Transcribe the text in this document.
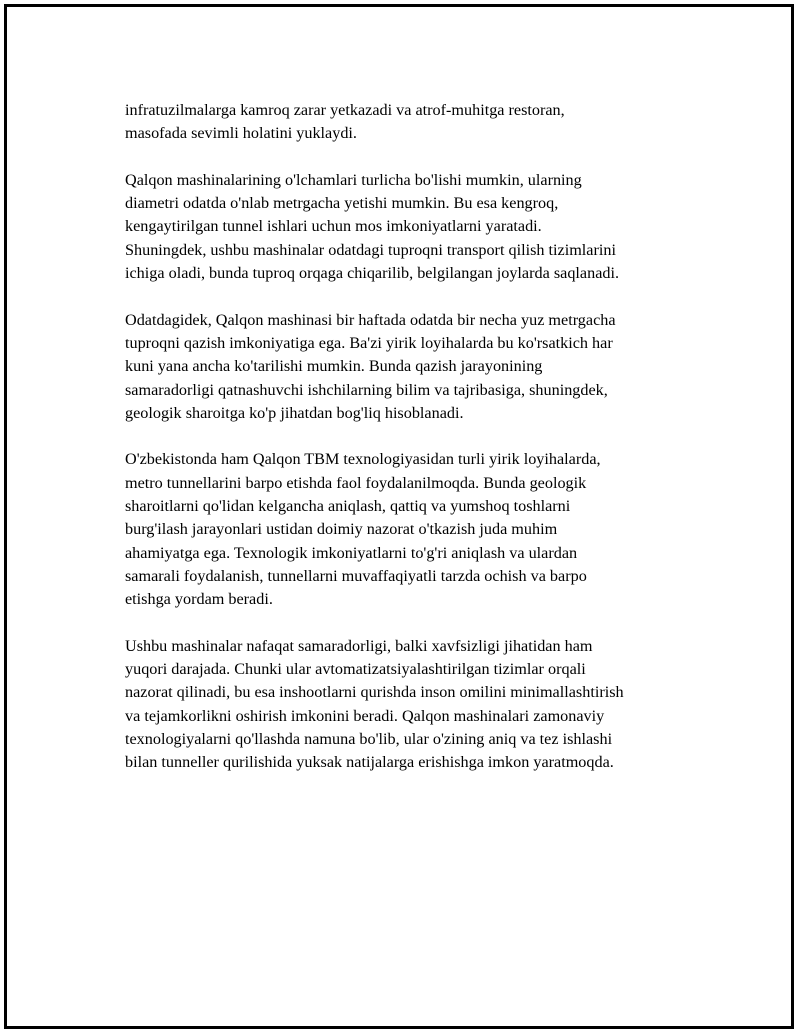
infratuzilmalarga kamroq zarar yetkazadi va atrof-muhitga restoran,
masofada sevimli holatini yuklaydi.

Qalqon mashinalarining o'lchamlari turlicha bo'lishi mumkin, ularning
diametri odatda o'nlab metrgacha yetishi mumkin. Bu esa kengroq,
kengaytirilgan tunnel ishlari uchun mos imkoniyatlarni yaratadi.
Shuningdek, ushbu mashinalar odatdagi tuproqni transport qilish tizimlarini
ichiga oladi, bunda tuproq orqaga chiqarilib, belgilangan joylarda saqlanadi.

Odatdagidek, Qalqon mashinasi bir haftada odatda bir necha yuz metrgacha
tuproqni qazish imkoniyatiga ega. Ba'zi yirik loyihalarda bu ko'rsatkich har
kuni yana ancha ko'tarilishi mumkin. Bunda qazish jarayonining
samaradorligi qatnashuvchi ishchilarning bilim va tajribasiga, shuningdek,
geologik sharoitga ko'p jihatdan bog'liq hisoblanadi.

O'zbekistonda ham Qalqon TBM texnologiyasidan turli yirik loyihalarda,
metro tunnellarini barpo etishda faol foydalanilmoqda. Bunda geologik
sharoitlarni qo'lidan kelgancha aniqlash, qattiq va yumshoq toshlarni
burg'ilash jarayonlari ustidan doimiy nazorat o'tkazish juda muhim
ahamiyatga ega. Texnologik imkoniyatlarni to'g'ri aniqlash va ulardan
samarali foydalanish, tunnellarni muvaffaqiyatli tarzda ochish va barpo
etishga yordam beradi.

Ushbu mashinalar nafaqat samaradorligi, balki xavfsizligi jihatidan ham
yuqori darajada. Chunki ular avtomatizatsiyalashtirilgan tizimlar orqali
nazorat qilinadi, bu esa inshootlarni qurishda inson omilini minimallashtirish
va tejamkorlikni oshirish imkonini beradi. Qalqon mashinalari zamonaviy
texnologiyalarni qo'llashda namuna bo'lib, ular o'zining aniq va tez ishlashi
bilan tunneller qurilishida yuksak natijalarga erishishga imkon yaratmoqda.
